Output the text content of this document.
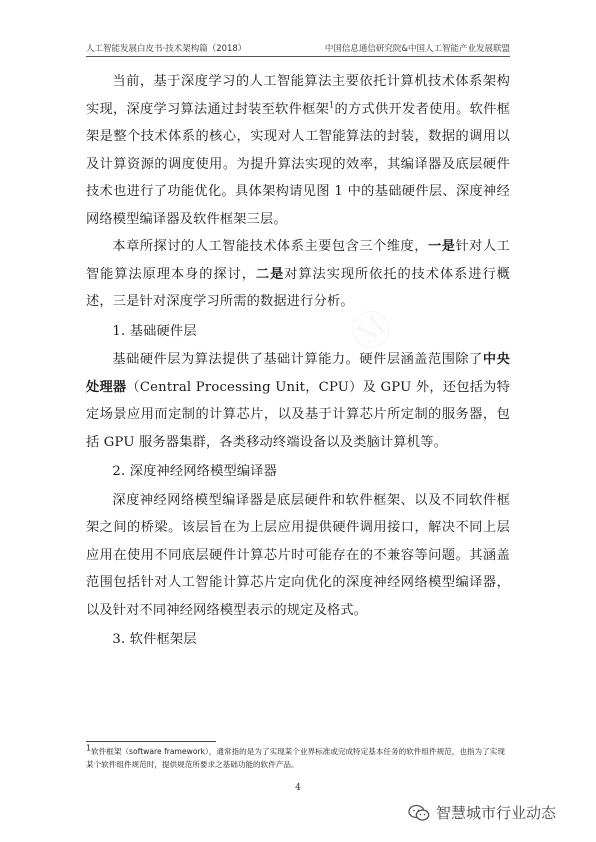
人工智能发展白皮书·技术架构篇（2018）	中国信息通信研究院&中国人工智能产业发展联盟

当前，基于深度学习的人工智能算法主要依托计算机技术体系架构实现，深度学习算法通过封装至软件框架$^1$的方式供开发者使用。软件框架是整个技术体系的核心，实现对人工智能算法的封装，数据的调用以及计算资源的调度使用。为提升算法实现的效率，其编译器及底层硬件技术也进行了功能优化。具体架构请见图 1 中的基础硬件层、深度神经网络模型编译器及软件框架三层。

本章所探讨的人工智能技术体系主要包含三个维度，一是针对人工智能算法原理本身的探讨，二是对算法实现所依托的技术体系进行概述，三是针对深度学习所需的数据进行分析。

1. 基础硬件层

基础硬件层为算法提供了基础计算能力。硬件层涵盖范围除了中央处理器（Central Processing Unit，CPU）及 GPU 外，还包括为特定场景应用而定制的计算芯片，以及基于计算芯片所定制的服务器，包括 GPU 服务器集群，各类移动终端设备以及类脑计算机等。

2. 深度神经网络模型编译器

深度神经网络模型编译器是底层硬件和软件框架、以及不同软件框架之间的桥梁。该层旨在为上层应用提供硬件调用接口，解决不同上层应用在使用不同底层硬件计算芯片时可能存在的不兼容等问题。其涵盖范围包括针对人工智能计算芯片定向优化的深度神经网络模型编译器，以及针对不同神经网络模型表示的规定及格式。

3. 软件框架层

$^1$软件框架（software framework），通常指的是为了实现某个业界标准或完成特定基本任务的软件组件规范，也指为了实现某个软件组件规范时，提供规范所要求之基础功能的软件产品。
4
Ⓜ
智慧城市行业动态
